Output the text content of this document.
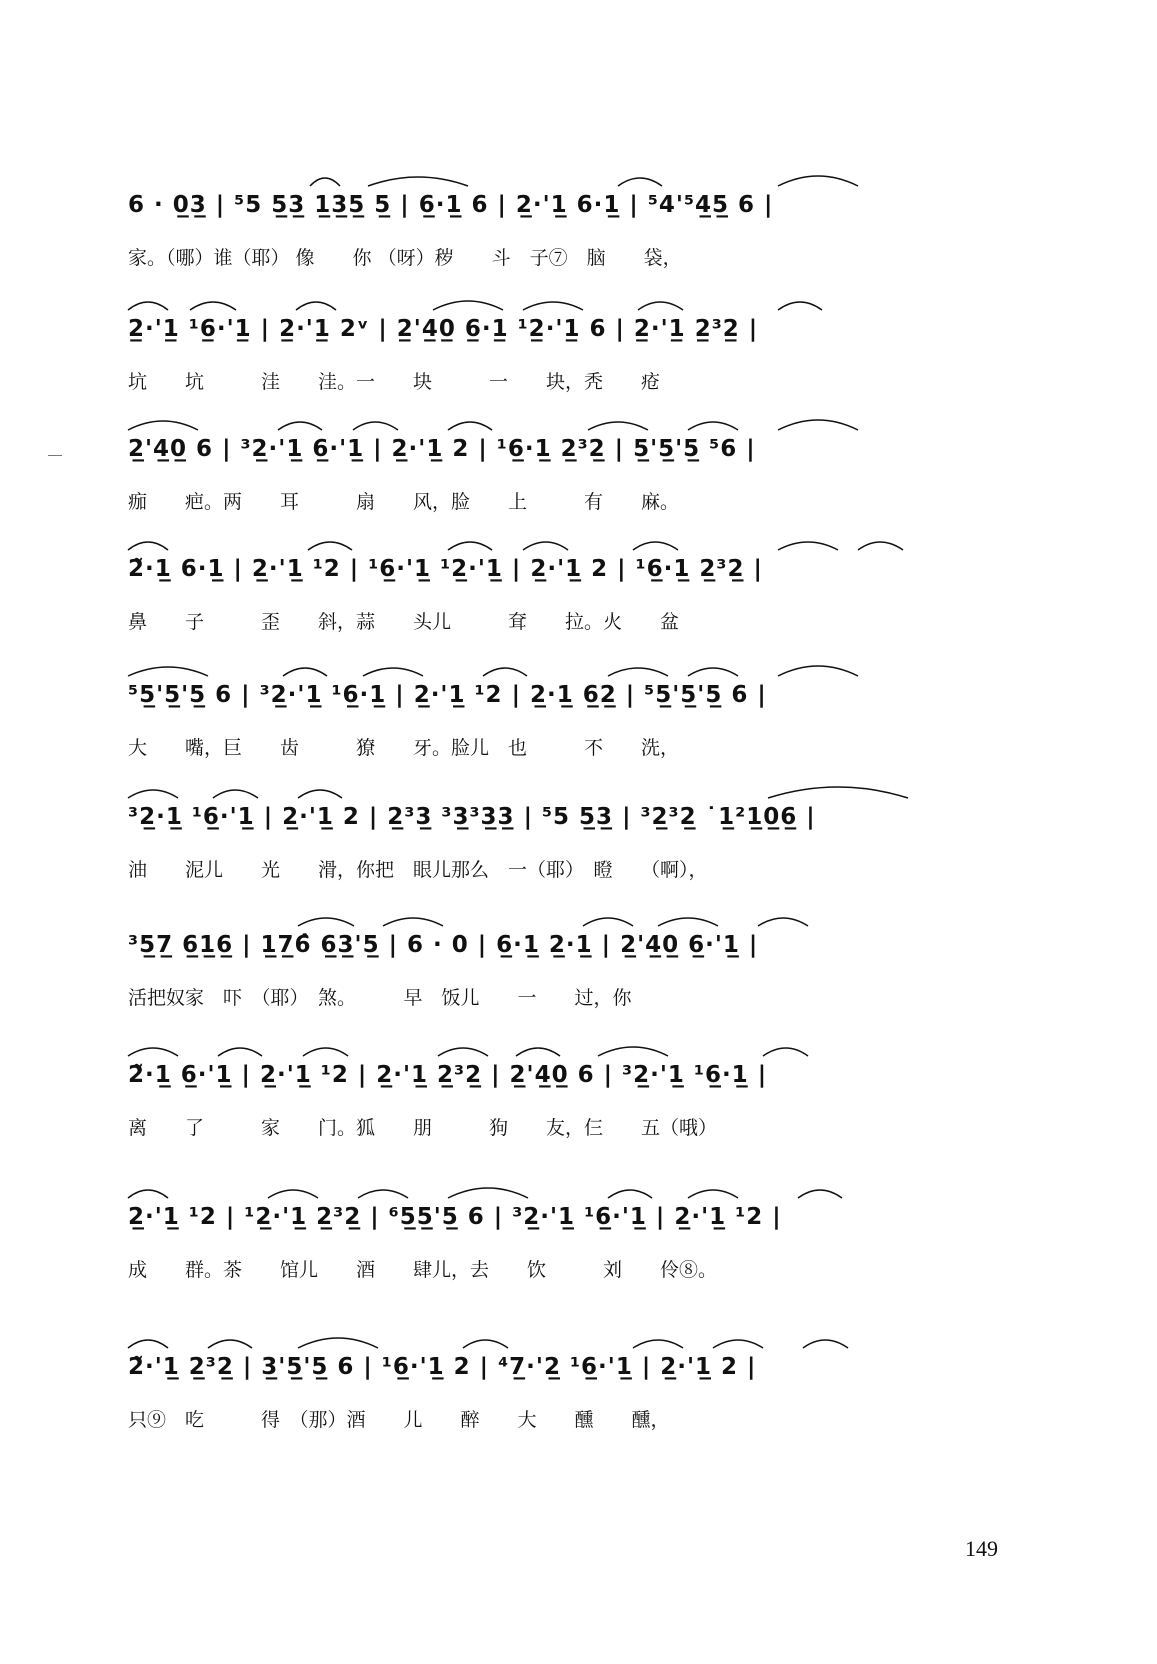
6 · 0̲3̲ | ⁵5 5̲3̲ 1̲3̲5̲ 5̲ | 6̲·1̲ 6 | 2̲·'1̲ 6·1̲ | ⁵4'⁵4̲5̲ 6 |
家。（哪）谁（耶） 像　　你 （呀）秽　　斗　子⑦　脑　　袋，
2̲·'1̲ ¹6̲·'1̲ | 2̲·'1̲ 2ᵛ | 2̲'4̲0̲ 6̲·1̲ ¹2̲·'1̲ 6 | 2̲·'1̲ 2̲³2̲ |
坑　　坑　　　洼　　洼。一　　块　　　一　　块，秃　　疮
2̲'4̲0̲ 6 | ³2̲·'1̲ 6̲·'1̲ | 2̲·'1̲ 2 | ¹6̲·1̲ 2̲³2̲ | 5̲'5̲'5̲ ⁵6 |
痂　　疤。两　　耳　　　扇　　风，脸　　上　　　有　　麻。
2̃·1̲ 6·1̲ | 2̲·'1̲ ¹2 | ¹6̲·'1̲ ¹2̲·'1̲ | 2̲·'1̲ 2 | ¹6̲·1̲ 2̲³2̲ |
鼻　　子　　　歪　　斜，蒜　　头儿　　　耷　　拉。火　　盆
⁵5̲'5̲'5̲ 6 | ³2̲·'1̲ ¹6̲·1̲ | 2̲·'1̲ ¹2 | 2̲·1̲ 6̲2̲ | ⁵5̲'5̲'5̲ 6 |
大　　嘴，巨　　齿　　　獠　　牙。脸儿　也　　　不　　洗，
³2̲·1̲ ¹6̲·'1̲ | 2̲·'1̲ 2 | 2̲³3̲ ³3̲³3̲3̲ | ⁵5 5̲3̲ | ³2̲³2̲ ˙1̲²1̲0̲6̲ |
油　　泥儿　　光　　滑，你把　眼儿那么　一（耶）　瞪　　（啊），
³5̲7̲ 6̲1̲6̲ | 1̲7̲6̂ 6̲3̲'5̲ | 6 · 0 | 6̲·1̲ 2̲·1̲ | 2̲'4̲0̲ 6̲·'1̲ |
活把奴家　吓　（耶）　煞。　　　早　饭儿　　一　　过，你
2̃·1̲ 6̲·'1̲ | 2̲·'1̲ ¹2 | 2̲·'1̲ 2̲³2̲ | 2̲'4̲0̲ 6 | ³2̲·'1̲ ¹6̲·1̲ |
离　　了　　　家　　门。狐　　朋　　　狗　　友，仨　　五（哦）
2̲·'1̲ ¹2 | ¹2̲·'1̲ 2̲³2̲ | ⁶5̲5̲'5̲ 6 | ³2̲·'1̲ ¹6̲·'1̲ | 2̲·'1̲ ¹2 |
成　　群。茶　　馆儿　　酒　　肆儿，去　　饮　　　刘　　伶⑧。
2̃·'1̲ 2̲³2̲ | 3̲'5̲'5̲ 6 | ¹6̲·'1̲ 2 | ⁴7̲·'2̲ ¹6̲·'1̲ | 2̲·'1̲ 2 |
只⑨　吃　　　得　（那）酒　　儿　　醉　　大　　醺　　醺，
149
